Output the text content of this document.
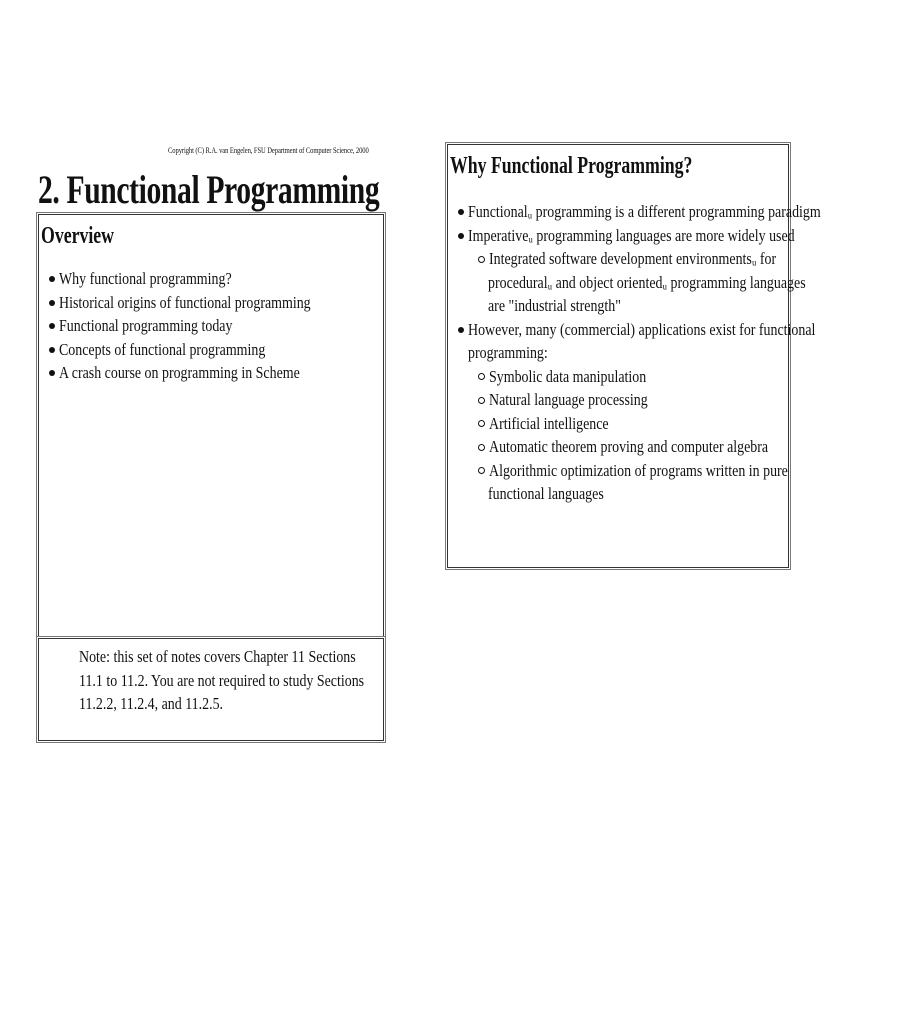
Copyright (C) R.A. van Engelen, FSU Department of Computer Science, 2000
2. Functional Programming
Overview
Why functional programming?
Historical origins of functional programming
Functional programming today
Concepts of functional programming
A crash course on programming in Scheme
Note: this set of notes covers Chapter 11 Sections
11.1 to 11.2. You are not required to study Sections
11.2.2, 11.2.4, and 11.2.5.
Why Functional Programming?
Functionalᵤ programming is a different programming paradigm
Imperativeᵤ programming languages are more widely used
Integrated software development environmentsᵤ for
proceduralᵤ and object orientedᵤ programming languages
are "industrial strength"
However, many (commercial) applications exist for functional
programming:
Symbolic data manipulation
Natural language processing
Artificial intelligence
Automatic theorem proving and computer algebra
Algorithmic optimization of programs written in pure
functional languages
